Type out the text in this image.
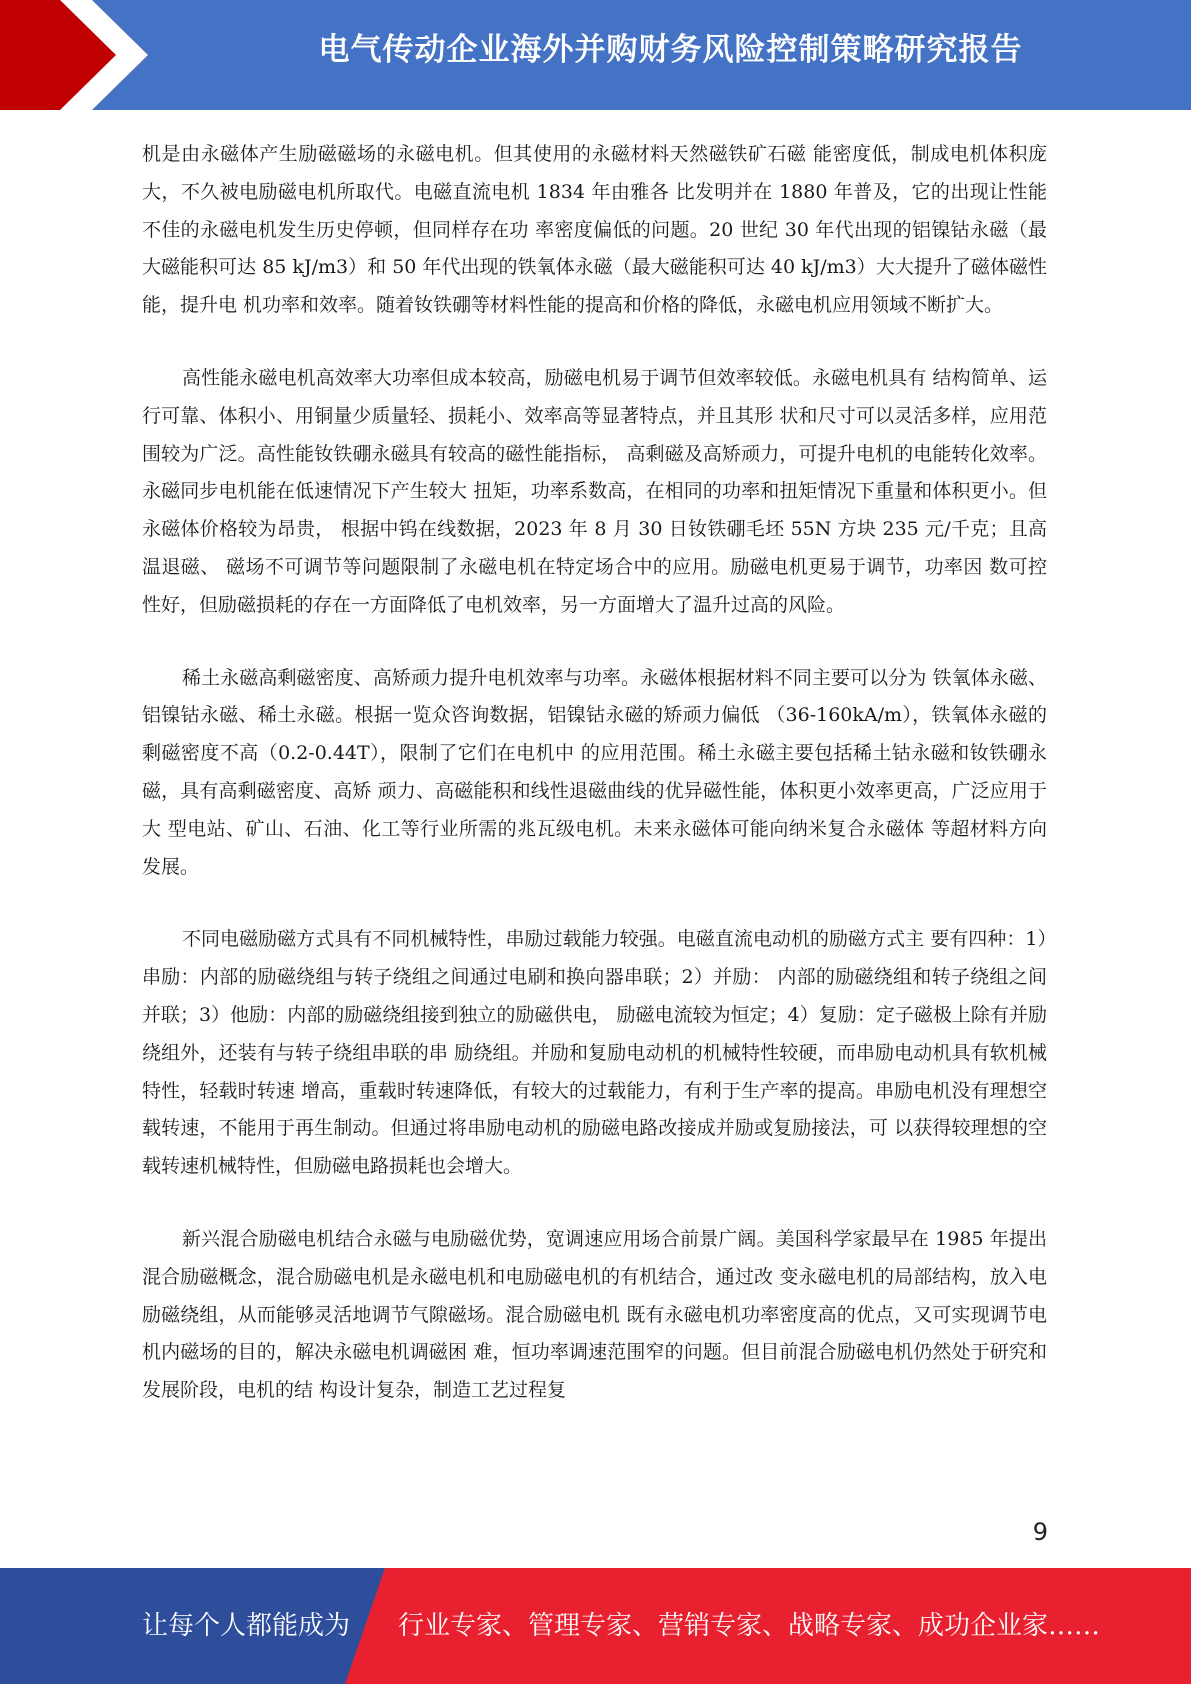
电气传动企业海外并购财务风险控制策略研究报告

机是由永磁体产生励磁磁场的永磁电机。但其使用的永磁材料天然磁铁矿石磁 能密度低，制成电机体积庞大，不久被电励磁电机所取代。电磁直流电机 1834 年由雅各 比发明并在 1880 年普及，它的出现让性能不佳的永磁电机发生历史停顿，但同样存在功 率密度偏低的问题。20 世纪 30 年代出现的铝镍钴永磁（最大磁能积可达 85 kJ/m3）和 50 年代出现的铁氧体永磁（最大磁能积可达 40 kJ/m3）大大提升了磁体磁性能，提升电 机功率和效率。随着钕铁硼等材料性能的提高和价格的降低，永磁电机应用领域不断扩大。

高性能永磁电机高效率大功率但成本较高，励磁电机易于调节但效率较低。永磁电机具有 结构简单、运行可靠、体积小、用铜量少质量轻、损耗小、效率高等显著特点，并且其形 状和尺寸可以灵活多样，应用范围较为广泛。高性能钕铁硼永磁具有较高的磁性能指标， 高剩磁及高矫顽力，可提升电机的电能转化效率。永磁同步电机能在低速情况下产生较大 扭矩，功率系数高，在相同的功率和扭矩情况下重量和体积更小。但永磁体价格较为昂贵， 根据中钨在线数据，2023 年 8 月 30 日钕铁硼毛坯 55N 方块 235 元/千克；且高温退磁、 磁场不可调节等问题限制了永磁电机在特定场合中的应用。励磁电机更易于调节，功率因 数可控性好，但励磁损耗的存在一方面降低了电机效率，另一方面增大了温升过高的风险。

稀土永磁高剩磁密度、高矫顽力提升电机效率与功率。永磁体根据材料不同主要可以分为 铁氧体永磁、铝镍钴永磁、稀土永磁。根据一览众咨询数据，铝镍钴永磁的矫顽力偏低 （36-160kA/m），铁氧体永磁的剩磁密度不高（0.2-0.44T），限制了它们在电机中 的应用范围。稀土永磁主要包括稀土钴永磁和钕铁硼永磁，具有高剩磁密度、高矫 顽力、高磁能积和线性退磁曲线的优异磁性能，体积更小效率更高，广泛应用于大 型电站、矿山、石油、化工等行业所需的兆瓦级电机。未来永磁体可能向纳米复合永磁体 等超材料方向发展。

不同电磁励磁方式具有不同机械特性，串励过载能力较强。电磁直流电动机的励磁方式主 要有四种：1）串励：内部的励磁绕组与转子绕组之间通过电刷和换向器串联；2）并励： 内部的励磁绕组和转子绕组之间并联；3）他励：内部的励磁绕组接到独立的励磁供电， 励磁电流较为恒定；4）复励：定子磁极上除有并励绕组外，还装有与转子绕组串联的串 励绕组。并励和复励电动机的机械特性较硬，而串励电动机具有软机械特性，轻载时转速 增高，重载时转速降低，有较大的过载能力，有利于生产率的提高。串励电机没有理想空 载转速，不能用于再生制动。但通过将串励电动机的励磁电路改接成并励或复励接法，可 以获得较理想的空载转速机械特性，但励磁电路损耗也会增大。

新兴混合励磁电机结合永磁与电励磁优势，宽调速应用场合前景广阔。美国科学家最早在 1985 年提出混合励磁概念，混合励磁电机是永磁电机和电励磁电机的有机结合，通过改 变永磁电机的局部结构，放入电励磁绕组，从而能够灵活地调节气隙磁场。混合励磁电机 既有永磁电机功率密度高的优点，又可实现调节电机内磁场的目的，解决永磁电机调磁困 难，恒功率调速范围窄的问题。但目前混合励磁电机仍然处于研究和发展阶段，电机的结 构设计复杂，制造工艺过程复

9
让每个人都能成为 行业专家、管理专家、营销专家、战略专家、成功企业家……
